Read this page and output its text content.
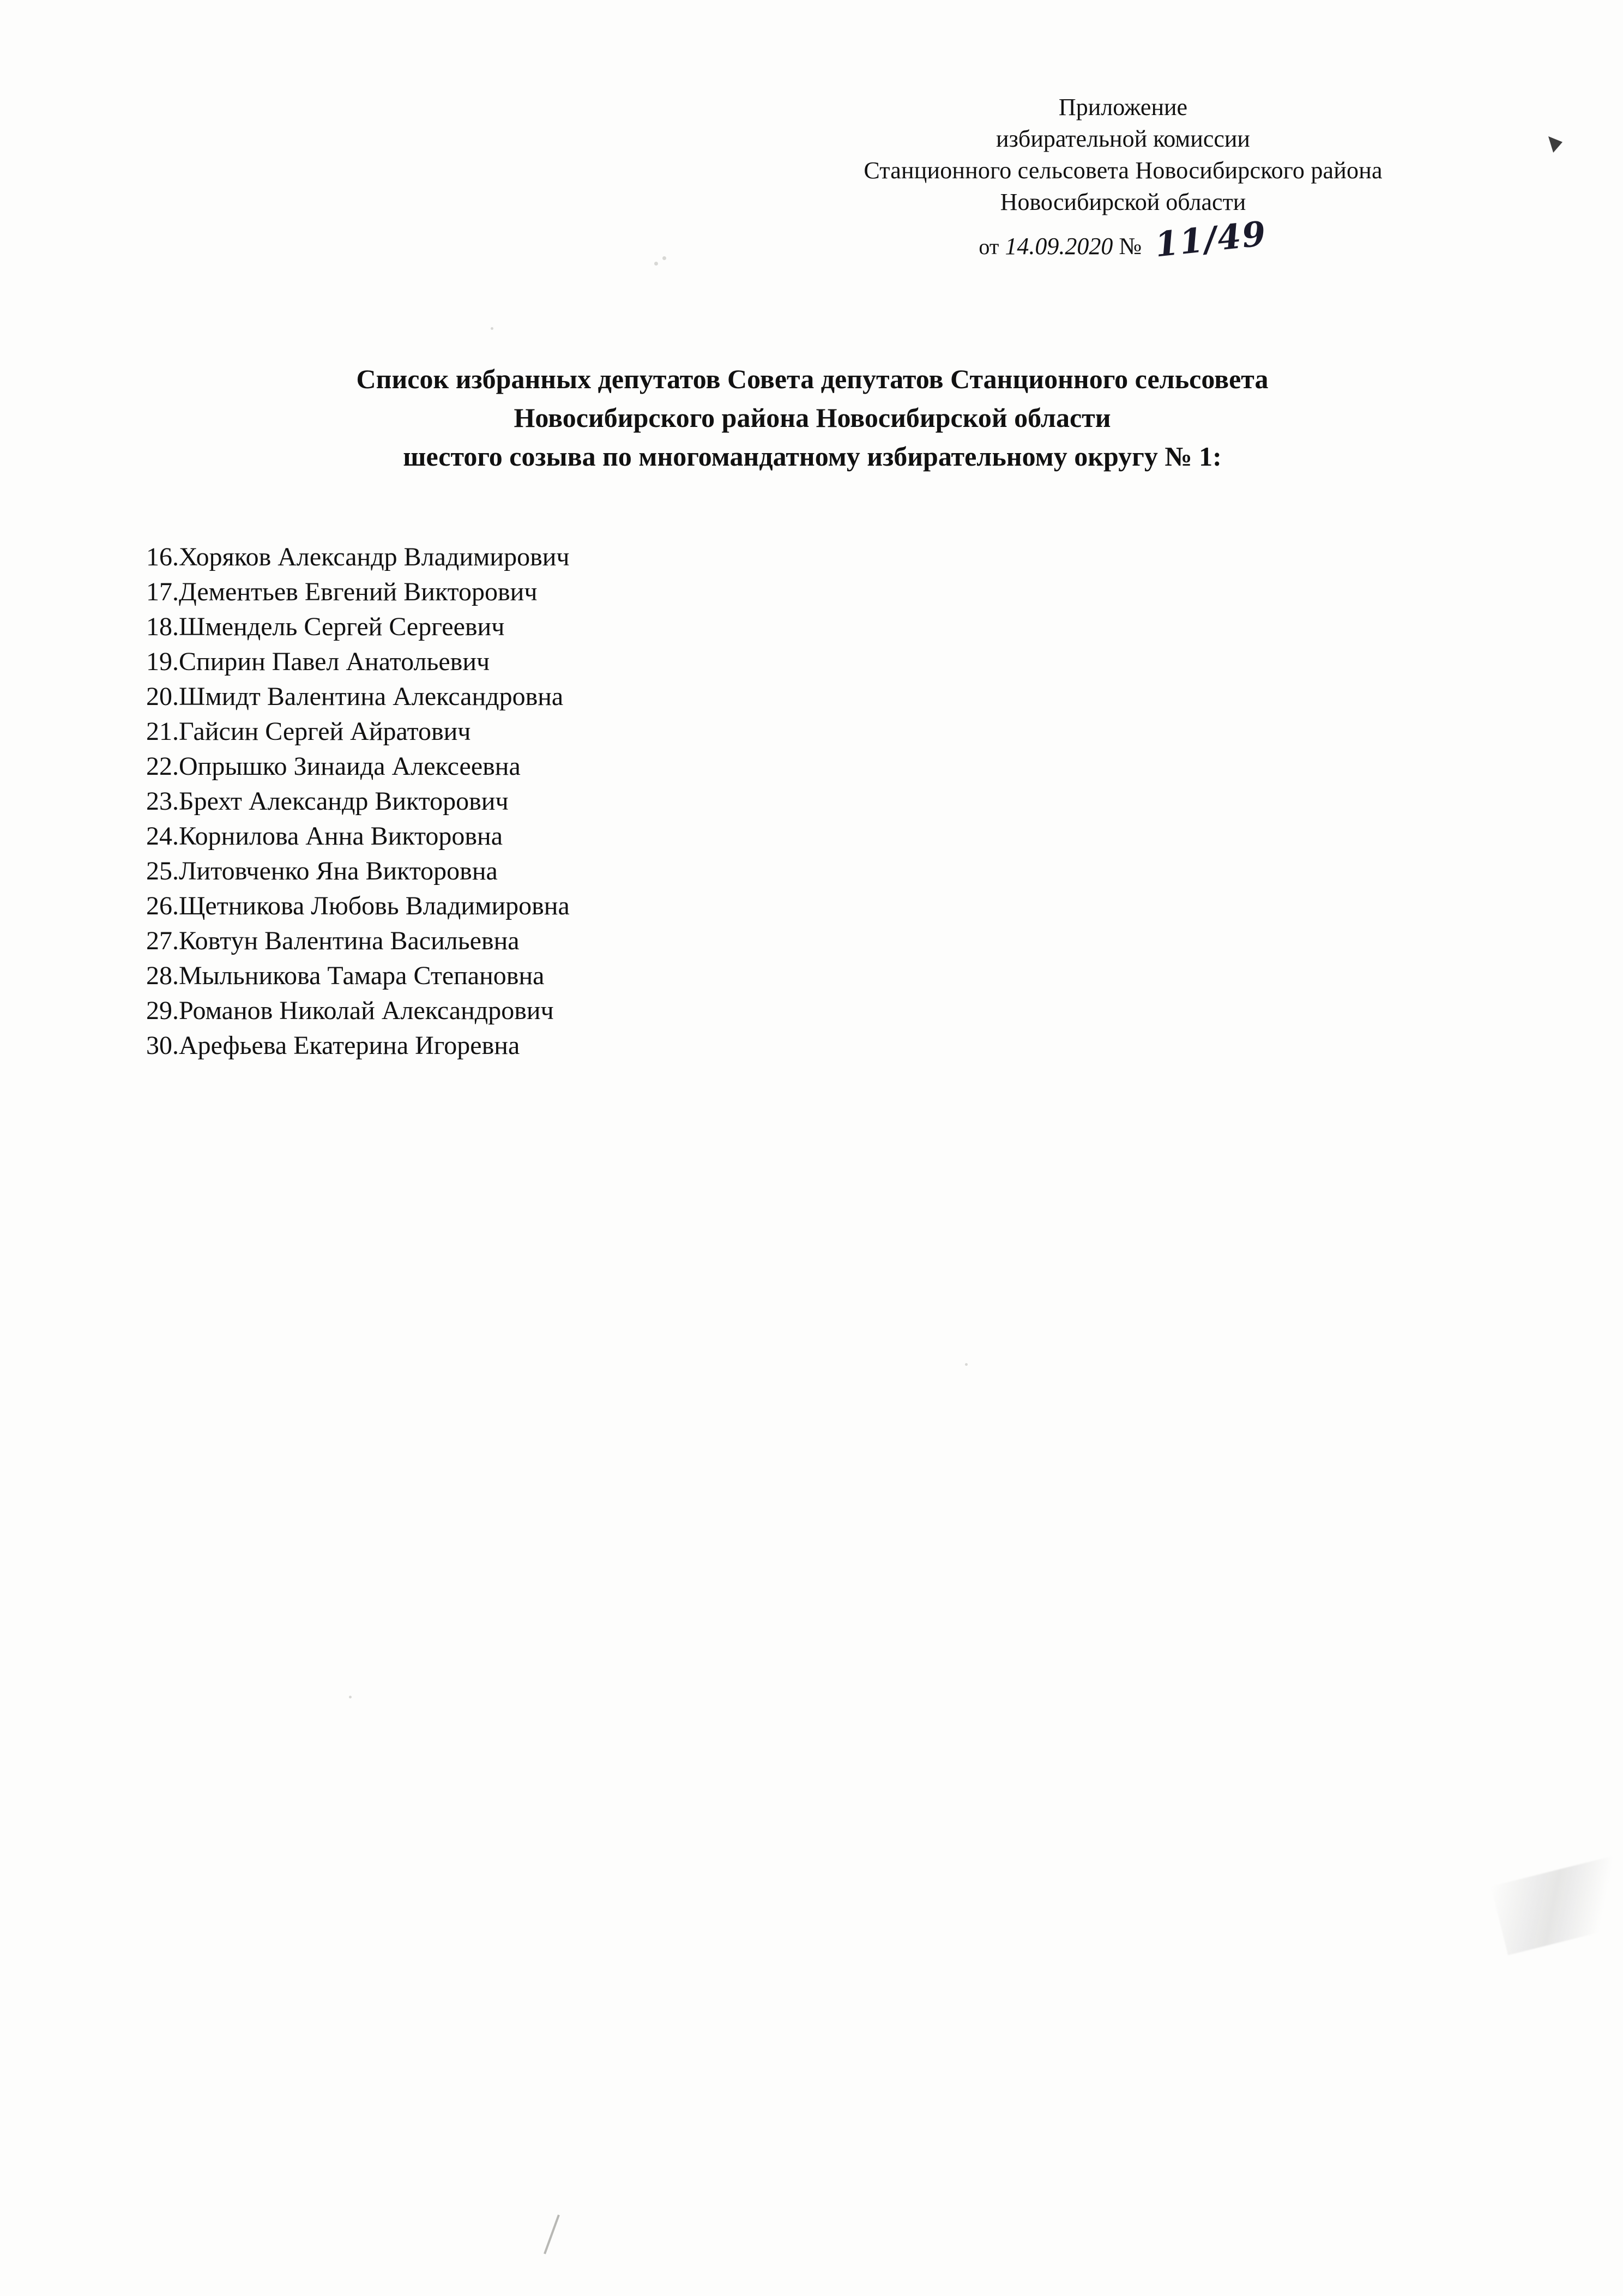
Приложение
избирательной комиссии
Станционного сельсовета Новосибирского района
Новосибирской области
от 14.09.2020 № 11/49
Список избранных депутатов Совета депутатов Станционного сельсовета
Новосибирского района Новосибирской области
шестого созыва по многомандатному избирательному округу № 1:
16.Хоряков Александр Владимирович
17.Дементьев Евгений Викторович
18.Шмендель Сергей Сергеевич
19.Спирин Павел Анатольевич
20.Шмидт Валентина Александровна
21.Гайсин Сергей Айратович
22.Опрышко Зинаида Алексеевна
23.Брехт Александр Викторович
24.Корнилова Анна Викторовна
25.Литовченко Яна Викторовна
26.Щетникова Любовь Владимировна
27.Ковтун Валентина Васильевна
28.Мыльникова Тамара Степановна
29.Романов Николай Александрович
30.Арефьева Екатерина Игоревна
